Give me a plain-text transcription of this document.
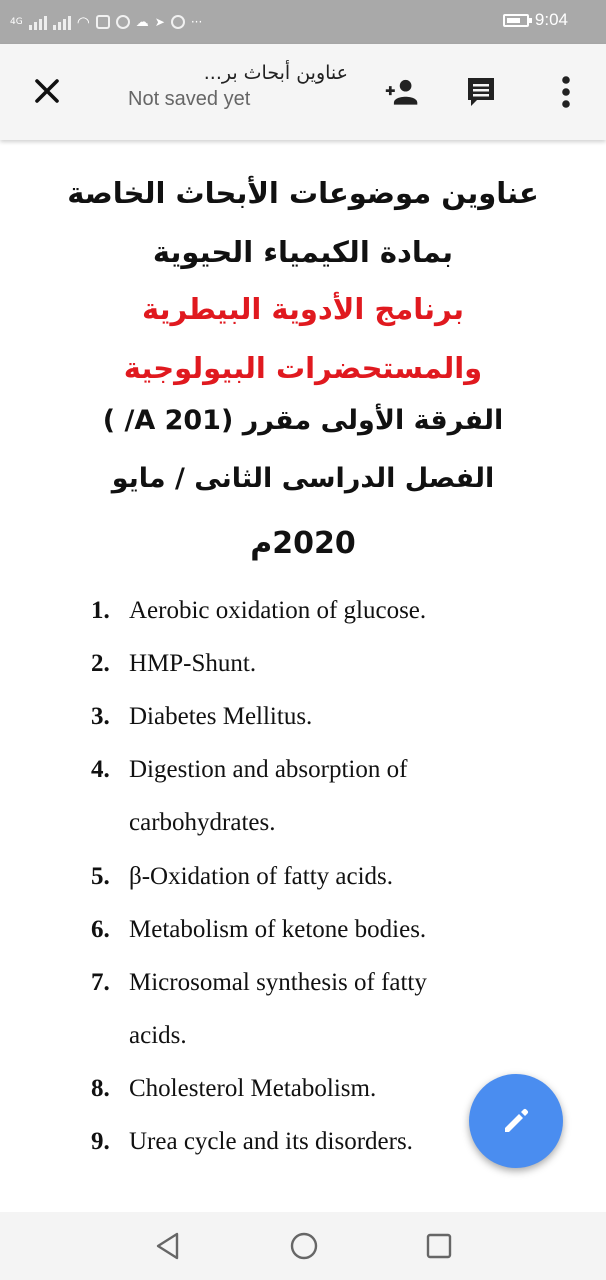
4G	◠	☁ ➤ ···	9:04
عناوين أبحاث بر...
Not saved yet

عناوين موضوعات الأبحاث الخاصة

بمادة الكيمياء الحيوية

برنامج الأدوية البيطرية

والمستحضرات البيولوجية

الفرقة الأولى مقرر (A 201/ )

الفصل الدراسى الثانى / مايو

2020م

1. Aerobic oxidation of glucose.
2. HMP-Shunt.
3. Diabetes Mellitus.
4. Digestion and absorption of
carbohydrates.
5. β-Oxidation of fatty acids.
6. Metabolism of ketone bodies.
7. Microsomal synthesis of fatty
acids.
8. Cholesterol Metabolism.
9. Urea cycle and its disorders.
